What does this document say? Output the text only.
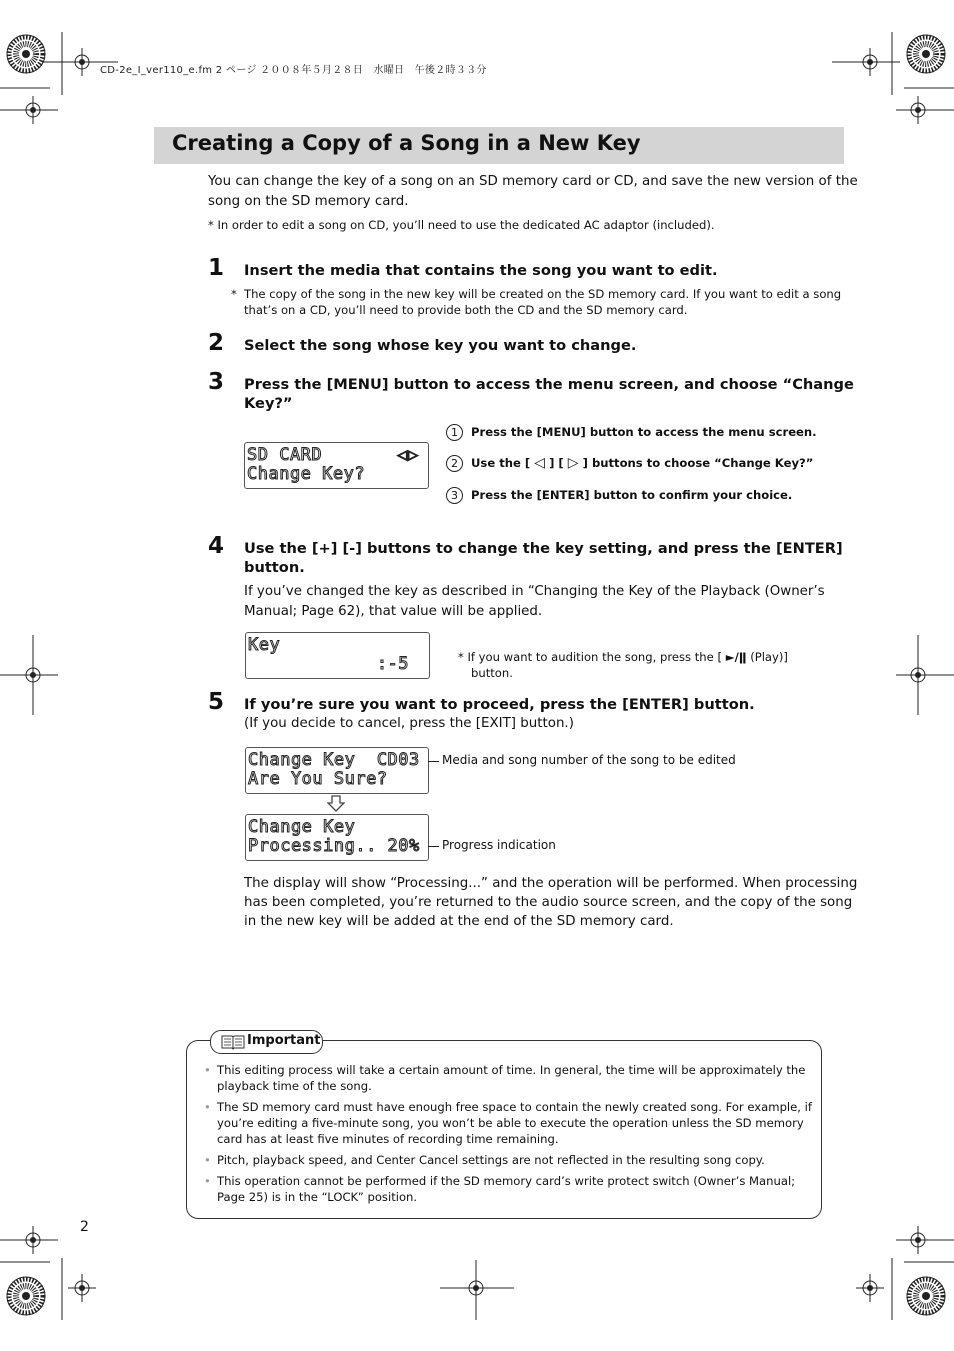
CD-2e_I_ver110_e.fm 2 ページ ２００８年５月２８日　水曜日　午後２時３３分
Creating a Copy of a Song in a New Key
You can change the key of a song on an SD memory card or CD, and save the new version of the
song on the SD memory card.
* In order to edit a song on CD, you’ll need to use the dedicated AC adaptor (included).
1 Insert the media that contains the song you want to edit.
* The copy of the song in the new key will be created on the SD memory card. If you want to edit a song
that’s on a CD, you’ll need to provide both the CD and the SD memory card.
2 Select the song whose key you want to change.
3 Press the [MENU] button to access the menu screen, and choose “Change
Key?”
SD CARD       ◁▷
Change Key?
1 Press the [MENU] button to access the menu screen.
2 Use the [ ◁ ] [ ▷ ] buttons to choose “Change Key?”
3 Press the [ENTER] button to confirm your choice.
4 Use the [+] [-] buttons to change the key setting, and press the [ENTER]
button.
If you’ve changed the key as described in “Changing the Key of the Playback (Owner’s
Manual; Page 62), that value will be applied.
Key
:-5	* If you want to audition the song, press the [ ►/ǁ (Play)]
button.
5 If you’re sure you want to proceed, press the [ENTER] button.
(If you decide to cancel, press the [EXIT] button.)
Change Key  CD03
Are You Sure?
Media and song number of the song to be edited
Change Key
Processing.. 20% Progress indication
The display will show “Processing...” and the operation will be performed. When processing
has been completed, you’re returned to the audio source screen, and the copy of the song
in the new key will be added at the end of the SD memory card.
Important
• This editing process will take a certain amount of time. In general, the time will be approximately the
playback time of the song.
• The SD memory card must have enough free space to contain the newly created song. For example, if
you’re editing a five-minute song, you won’t be able to execute the operation unless the SD memory
card has at least five minutes of recording time remaining.
• Pitch, playback speed, and Center Cancel settings are not reflected in the resulting song copy.
• This operation cannot be performed if the SD memory card’s write protect switch (Owner’s Manual;
Page 25) is in the “LOCK” position.
2
